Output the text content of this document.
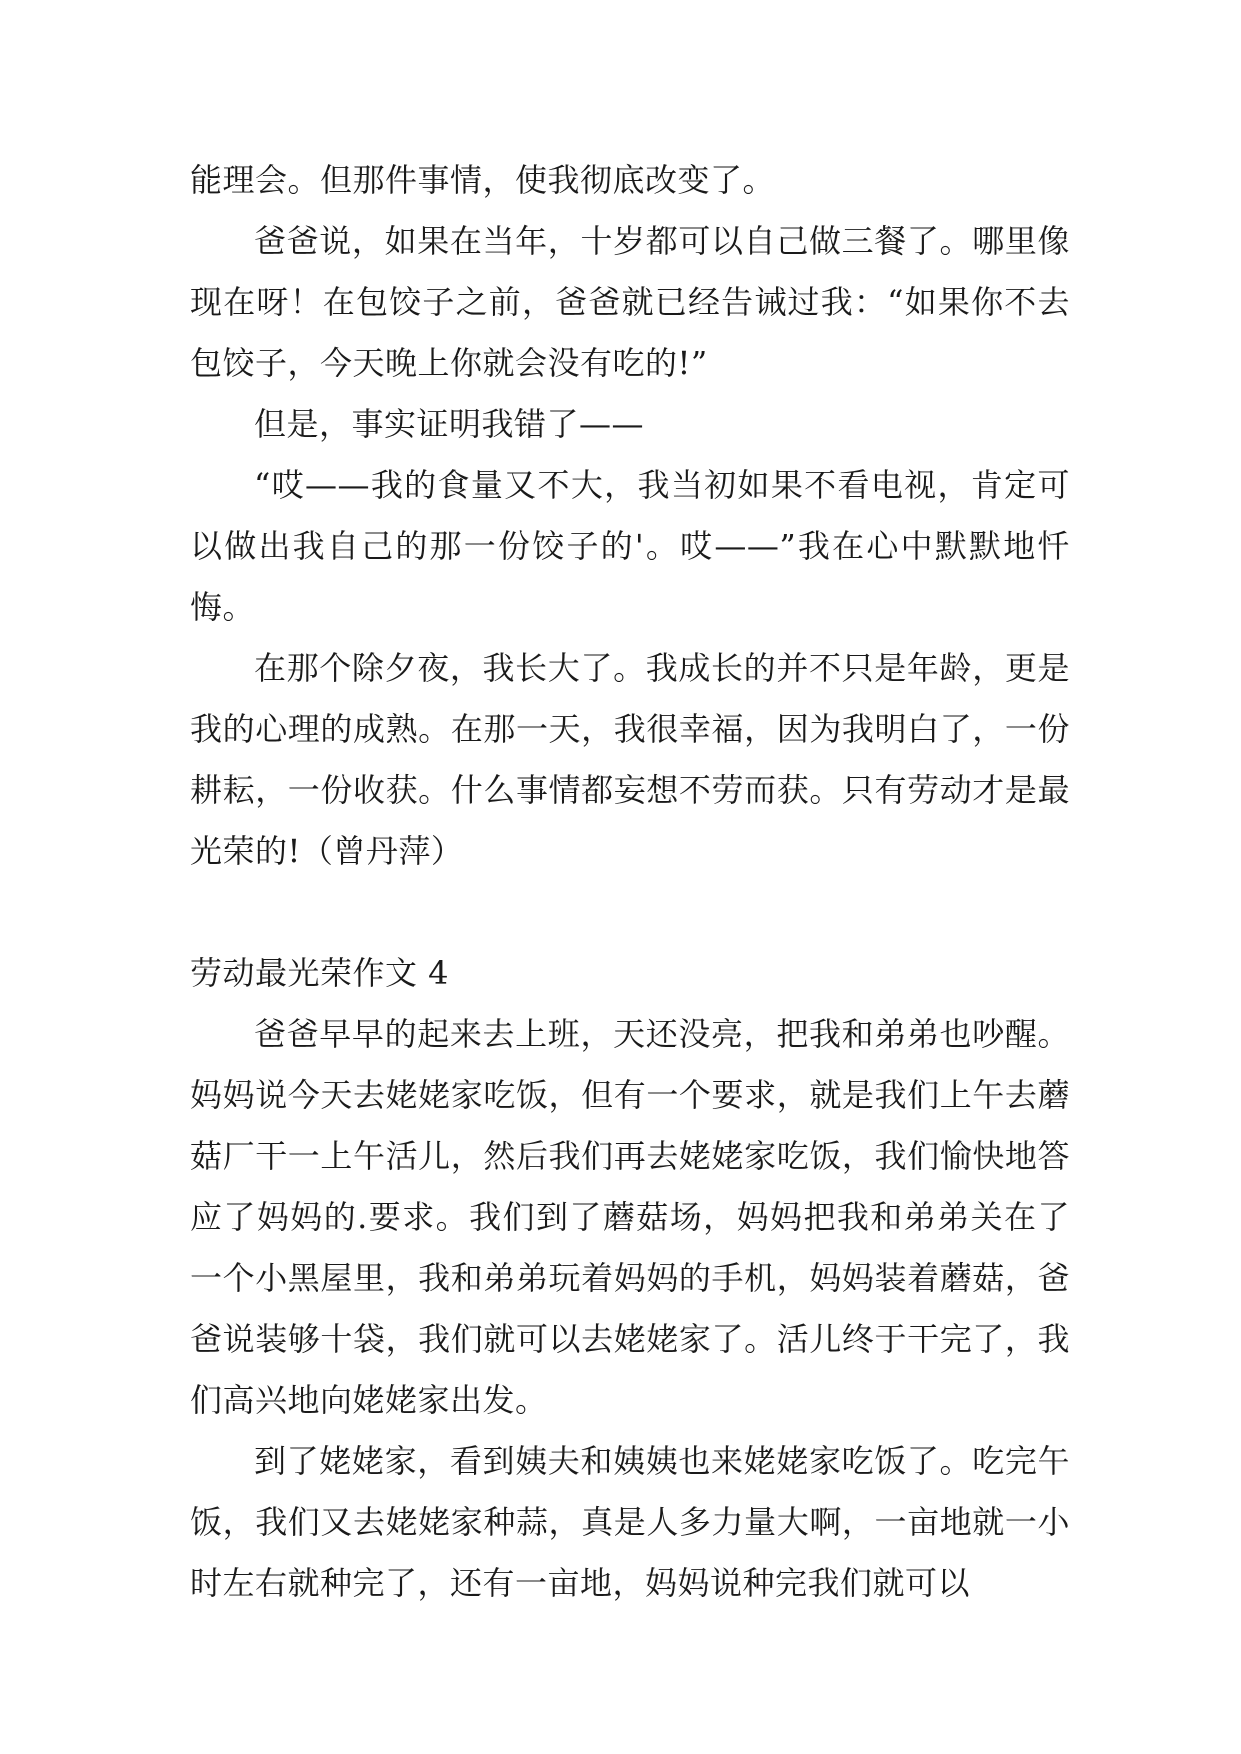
能理会。但那件事情，使我彻底改变了。

爸爸说，如果在当年，十岁都可以自己做三餐了。哪里像现在呀！在包饺子之前，爸爸就已经告诫过我：“如果你不去包饺子，今天晚上你就会没有吃的!”

但是，事实证明我错了——

“哎——我的食量又不大，我当初如果不看电视，肯定可以做出我自己的那一份饺子的'。哎——”我在心中默默地忏悔。

在那个除夕夜，我长大了。我成长的并不只是年龄，更是我的心理的成熟。在那一天，我很幸福，因为我明白了，一份耕耘，一份收获。什么事情都妄想不劳而获。只有劳动才是最光荣的!（曾丹萍）

劳动最光荣作文 4

爸爸早早的起来去上班，天还没亮，把我和弟弟也吵醒。妈妈说今天去姥姥家吃饭，但有一个要求，就是我们上午去蘑菇厂干一上午活儿，然后我们再去姥姥家吃饭，我们愉快地答应了妈妈的.要求。我们到了蘑菇场，妈妈把我和弟弟关在了一个小黑屋里，我和弟弟玩着妈妈的手机，妈妈装着蘑菇，爸爸说装够十袋，我们就可以去姥姥家了。活儿终于干完了，我们高兴地向姥姥家出发。

到了姥姥家，看到姨夫和姨姨也来姥姥家吃饭了。吃完午饭，我们又去姥姥家种蒜，真是人多力量大啊，一亩地就一小时左右就种完了，还有一亩地，妈妈说种完我们就可以
